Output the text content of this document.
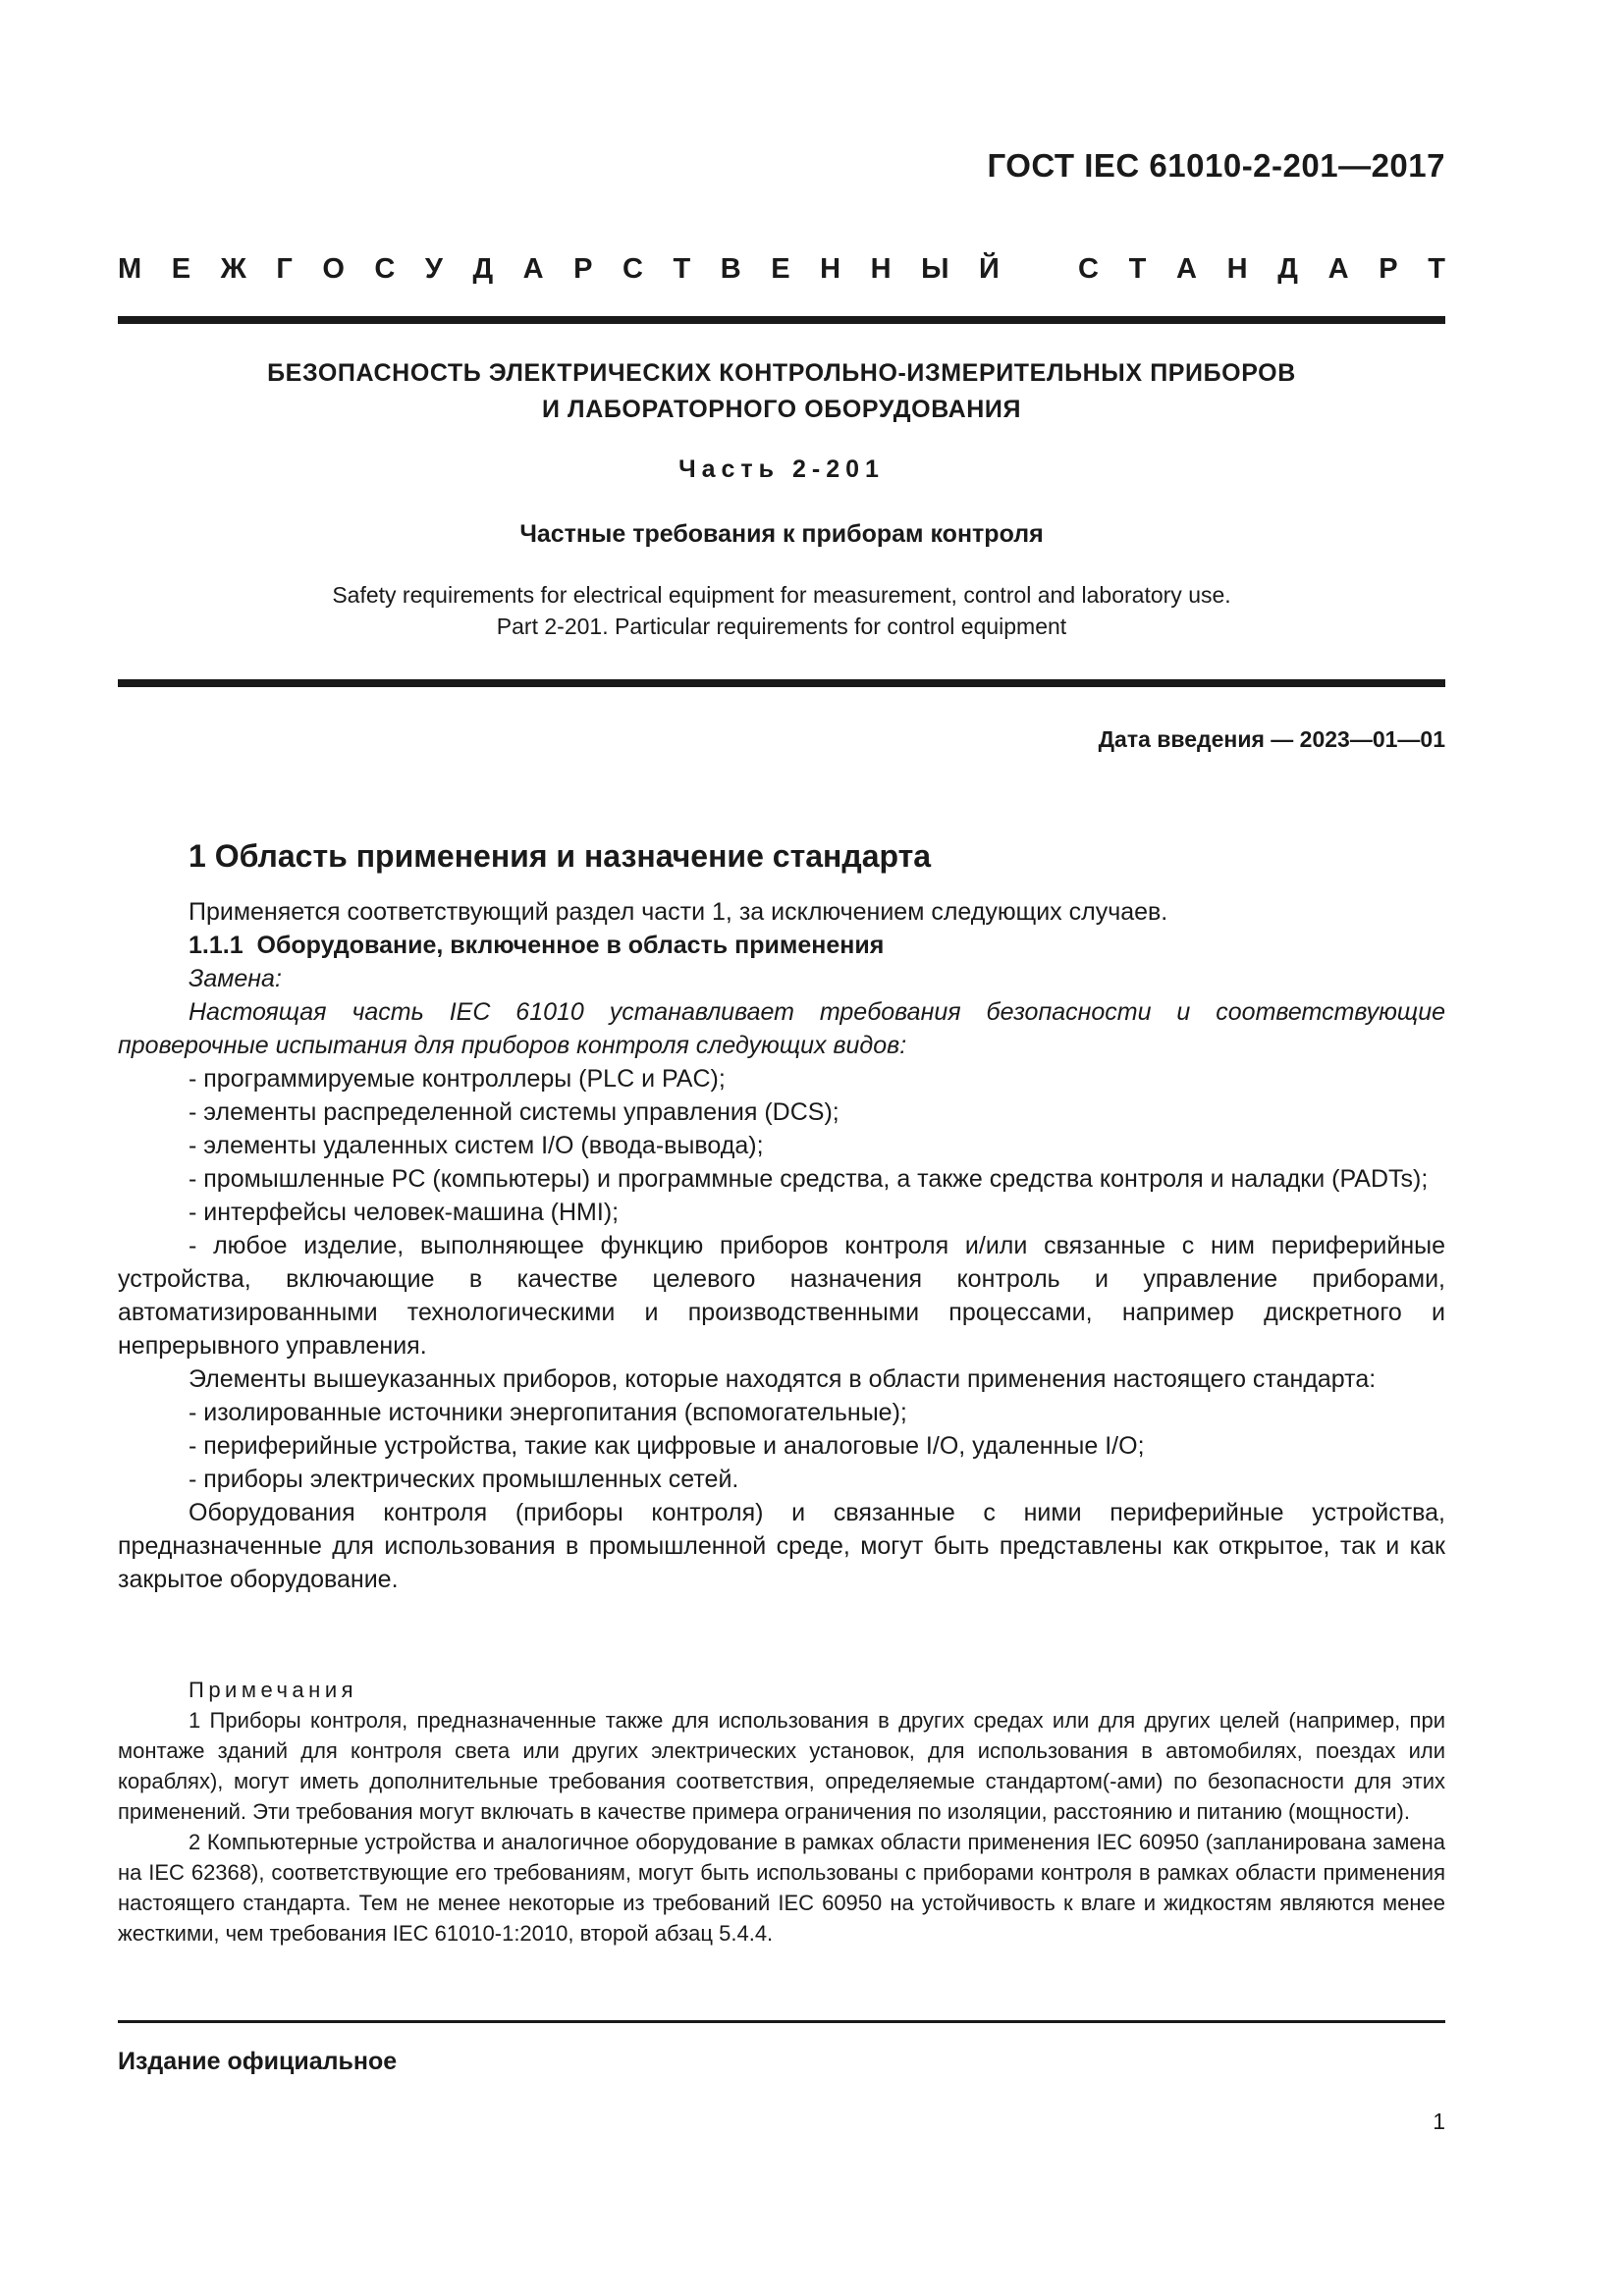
ГОСТ IEC 61010-2-201—2017
М Е Ж Г О С У Д А Р С Т В Е Н Н Ы Й	С Т А Н Д А Р Т
БЕЗОПАСНОСТЬ ЭЛЕКТРИЧЕСКИХ КОНТРОЛЬНО-ИЗМЕРИТЕЛЬНЫХ ПРИБОРОВ
И ЛАБОРАТОРНОГО ОБОРУДОВАНИЯ
Часть 2-201
Частные требования к приборам контроля
Safety requirements for electrical equipment for measurement, control and laboratory use.
Part 2-201. Particular requirements for control equipment
Дата введения — 2023—01—01
1 Область применения и назначение стандарта

Применяется соответствующий раздел части 1, за исключением следующих случаев.

1.1.1 Оборудование, включенное в область применения

Замена:

Настоящая часть IEC 61010 устанавливает требования безопасности и соответствующие проверочные испытания для приборов контроля следующих видов:

- программируемые контроллеры (PLC и PAC);

- элементы распределенной системы управления (DCS);

- элементы удаленных систем I/O (ввода-вывода);

- промышленные PC (компьютеры) и программные средства, а также средства контроля и наладки (PADTs);

- интерфейсы человек-машина (HMI);

- любое изделие, выполняющее функцию приборов контроля и/или связанные с ним периферийные устройства, включающие в качестве целевого назначения контроль и управление приборами, автоматизированными технологическими и производственными процессами, например дискретного и непрерывного управления.

Элементы вышеуказанных приборов, которые находятся в области применения настоящего стандарта:

- изолированные источники энергопитания (вспомогательные);

- периферийные устройства, такие как цифровые и аналоговые I/O, удаленные I/O;

- приборы электрических промышленных сетей.

Оборудования контроля (приборы контроля) и связанные с ними периферийные устройства, предназначенные для использования в промышленной среде, могут быть представлены как открытое, так и как закрытое оборудование.

Примечания

1 Приборы контроля, предназначенные также для использования в других средах или для других целей (например, при монтаже зданий для контроля света или других электрических установок, для использования в автомобилях, поездах или кораблях), могут иметь дополнительные требования соответствия, определяемые стандартом(-ами) по безопасности для этих применений. Эти требования могут включать в качестве примера ограничения по изоляции, расстоянию и питанию (мощности).

2 Компьютерные устройства и аналогичное оборудование в рамках области применения IEC 60950 (запланирована замена на IEC 62368), соответствующие его требованиям, могут быть использованы с приборами контроля в рамках области применения настоящего стандарта. Тем не менее некоторые из требований IEC 60950 на устойчивость к влаге и жидкостям являются менее жесткими, чем требования IEC 61010-1:2010, второй абзац 5.4.4.

Издание официальное
1
